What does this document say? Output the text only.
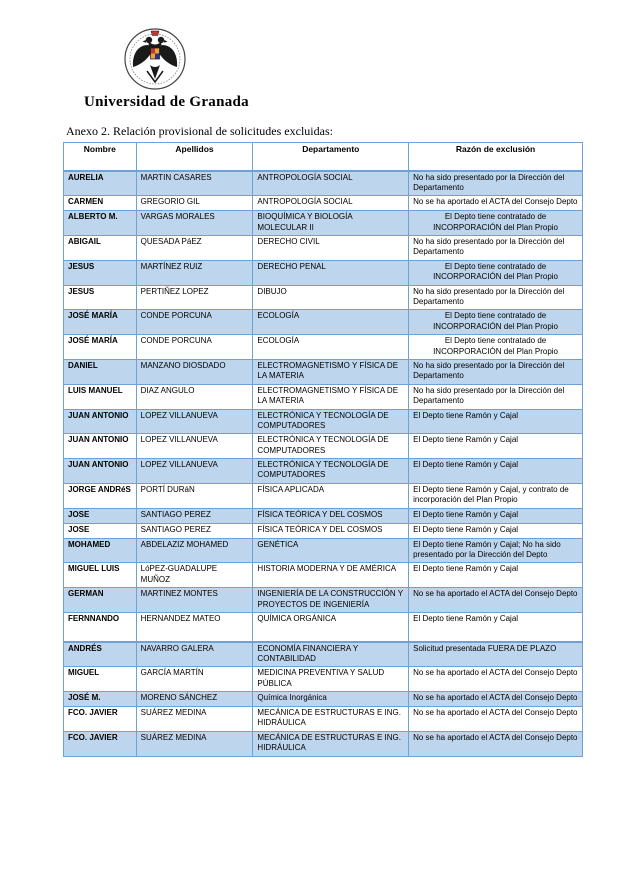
Universidad de Granada
Anexo 2. Relación provisional de solicitudes excluidas:
Nombre	Apellidos	Departamento	Razón de exclusión
AURELIA	MARTIN CASARES	ANTROPOLOGÍA SOCIAL	No ha sido presentado por la Dirección del Departamento
CARMEN	GREGORIO GIL	ANTROPOLOGÍA SOCIAL	No se ha aportado el ACTA del Consejo Depto
ALBERTO M.	VARGAS MORALES	BIOQUÍMICA Y BIOLOGÍA MOLECULAR II	El Depto tiene contratado de INCORPORACIÓN del Plan Propio
ABIGAIL	QUESADA PáEZ	DERECHO CIVIL	No ha sido presentado por la Dirección del Departamento
JESUS	MARTÍNEZ RUIZ	DERECHO PENAL	El Depto tiene contratado de INCORPORACIÓN del Plan Propio
JESUS	PERTIÑEZ LOPEZ	DIBUJO	No ha sido presentado por la Dirección del Departamento
JOSÉ MARÍA	CONDE PORCUNA	ECOLOGÍA	El Depto tiene contratado de INCORPORACIÓN del Plan Propio
JOSÉ MARÍA	CONDE PORCUNA	ECOLOGÍA	El Depto tiene contratado de INCORPORACIÓN del Plan Propio
DANIEL	MANZANO DIOSDADO	ELECTROMAGNETISMO Y FÍSICA DE LA MATERIA	No ha sido presentado por la Dirección del Departamento
LUIS MANUEL	DIAZ ANGULO	ELECTROMAGNETISMO Y FÍSICA DE LA MATERIA	No ha sido presentado por la Dirección del Departamento
JUAN ANTONIO	LOPEZ VILLANUEVA	ELECTRÓNICA Y TECNOLOGÍA DE COMPUTADORES	El Depto tiene Ramón y Cajal
JUAN ANTONIO	LOPEZ VILLANUEVA	ELECTRÓNICA Y TECNOLOGÍA DE COMPUTADORES	El Depto tiene Ramón y Cajal
JUAN ANTONIO	LOPEZ VILLANUEVA	ELECTRÓNICA Y TECNOLOGÍA DE COMPUTADORES	El Depto tiene Ramón y Cajal
JORGE ANDRéS	PORTÍ DURáN	FÍSICA APLICADA	El Depto tiene Ramón y Cajal, y contrato de incorporación del Plan Propio
JOSE	SANTIAGO PEREZ	FÍSICA TEÓRICA Y DEL COSMOS	El Depto tiene Ramón y Cajal
JOSE	SANTIAGO PEREZ	FÍSICA TEÓRICA Y DEL COSMOS	El Depto tiene Ramón y Cajal
MOHAMED	ABDELAZIZ MOHAMED	GENÉTICA	El Depto tiene Ramón y Cajal; No ha sido presentado por la Dirección del Depto
MIGUEL LUIS	LóPEZ-GUADALUPE MUÑOZ	HISTORIA MODERNA Y DE AMÉRICA	El Depto tiene Ramón y Cajal
GERMAN	MARTINEZ MONTES	INGENIERÍA DE LA CONSTRUCCIÓN Y PROYECTOS DE INGENIERÍA	No se ha aportado el ACTA del Consejo Depto
FERNNANDO	HERNANDEZ MATEO	QUÍMICA ORGÁNICA	El Depto tiene Ramón y Cajal
ANDRÉS	NAVARRO GALERA	ECONOMÍA FINANCIERA Y CONTABILIDAD	Solicitud presentada FUERA DE PLAZO
MIGUEL	GARCÍA MARTÍN	MEDICINA PREVENTIVA Y SALUD PÚBLICA	No se ha aportado el ACTA del Consejo Depto
JOSÉ M.	MORENO SÁNCHEZ	Química Inorgánica	No se ha aportado el ACTA del Consejo Depto
FCO. JAVIER	SUÁREZ MEDINA	MECÁNICA DE ESTRUCTURAS E ING. HIDRÁULICA	No se ha aportado el ACTA del Consejo Depto
FCO. JAVIER	SUÁREZ MEDINA	MECÁNICA DE ESTRUCTURAS E ING. HIDRÁULICA	No se ha aportado el ACTA del Consejo Depto
